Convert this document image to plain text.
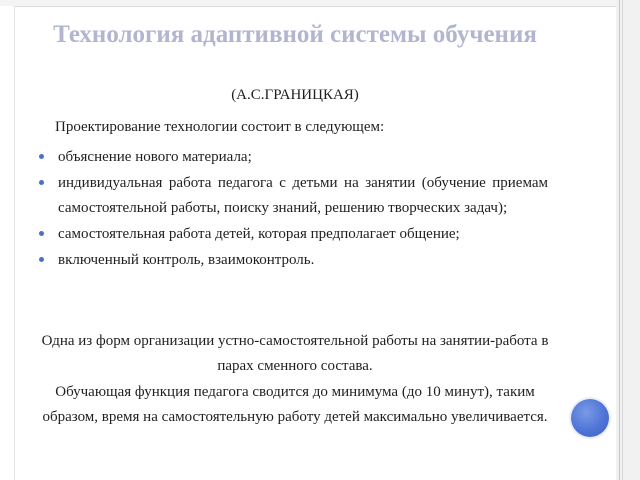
Технология адаптивной системы обучения
(А.С.ГРАНИЦКАЯ)
Проектирование технологии состоит в следующем:
объяснение нового материала;
индивидуальная работа педагога с детьми на занятии (обучение приемам самостоятельной работы, поиску знаний, решению творческих задач);
самостоятельная работа детей, которая предполагает общение;
включенный контроль, взаимоконтроль.
Одна из форм организации устно-самостоятельной работы на занятии-работа в парах сменного состава.
Обучающая функция педагога сводится до минимума (до 10 минут), таким образом, время на самостоятельную работу детей максимально увеличивается.
